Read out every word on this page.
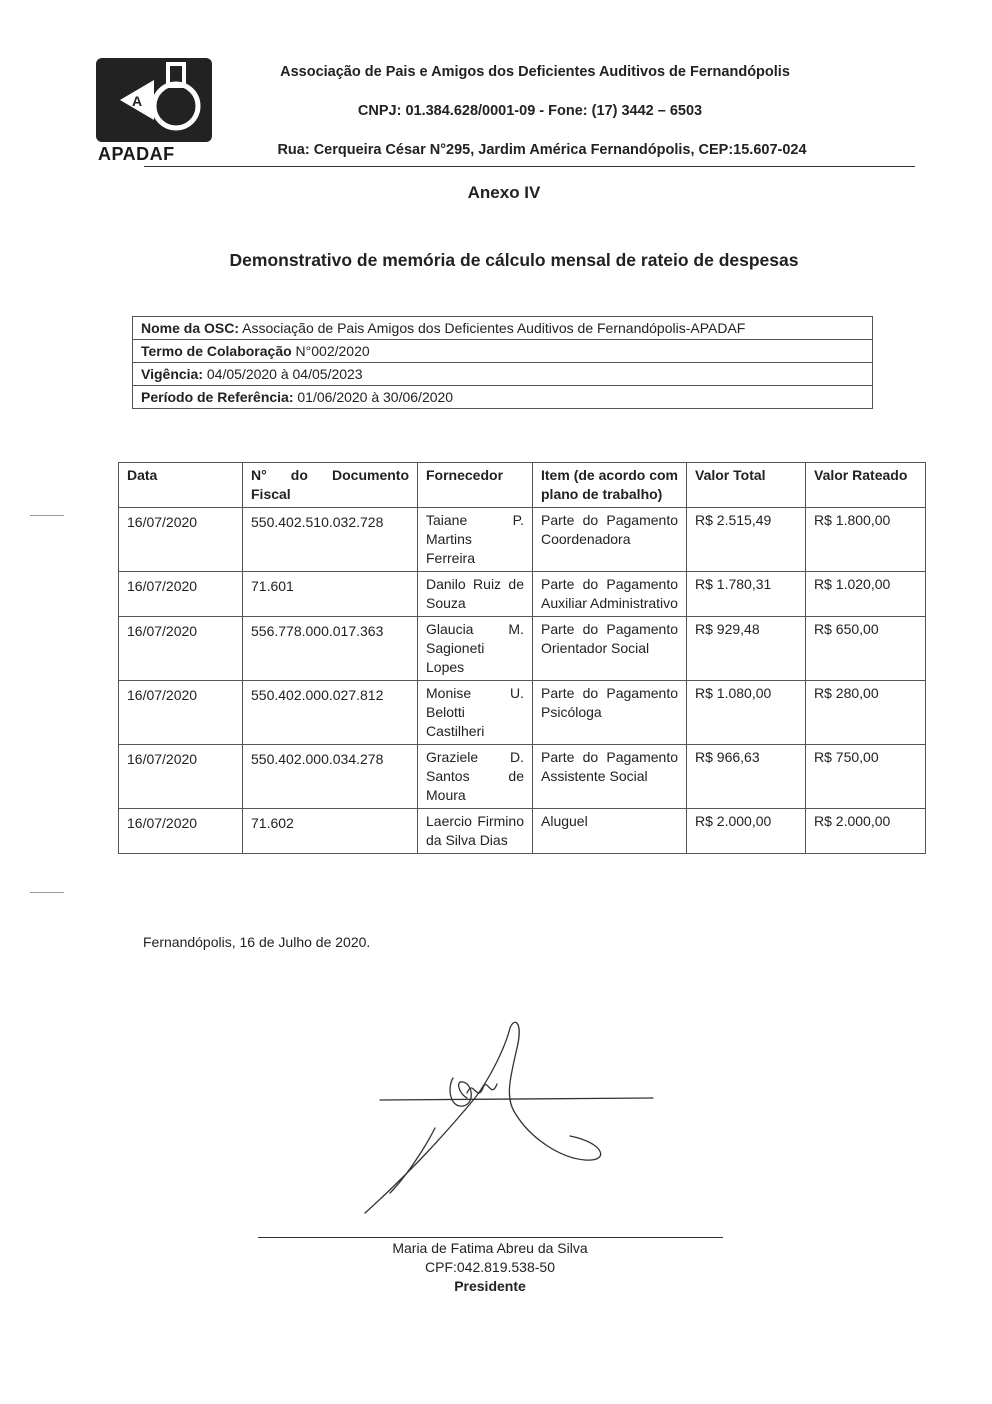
A
APADAF
Associação de Pais e Amigos dos Deficientes Auditivos de Fernandópolis
CNPJ: 01.384.628/0001-09 - Fone: (17) 3442 – 6503
Rua: Cerqueira César N°295, Jardim América Fernandópolis, CEP:15.607-024
Anexo IV
Demonstrativo de memória de cálculo mensal de rateio de despesas
Nome da OSC: Associação de Pais Amigos dos Deficientes Auditivos de Fernandópolis-APADAF
Termo de Colaboração N°002/2020
Vigência: 04/05/2020 à 04/05/2023
Período de Referência: 01/06/2020 à 30/06/2020
Data	N° do Documento Fiscal	Fornecedor	Item (de acordo com plano de trabalho)	Valor Total	Valor Rateado
16/07/2020	550.402.510.032.728	Taiane P. Martins Ferreira	Parte do Pagamento Coordenadora	R$ 2.515,49	R$ 1.800,00
16/07/2020	71.601	Danilo Ruiz de Souza	Parte do Pagamento Auxiliar Administrativo	R$ 1.780,31	R$ 1.020,00
16/07/2020	556.778.000.017.363	Glaucia M. Sagioneti Lopes	Parte do Pagamento Orientador Social	R$ 929,48	R$ 650,00
16/07/2020	550.402.000.027.812	Monise U. Belotti Castilheri	Parte do Pagamento Psicóloga	R$ 1.080,00	R$ 280,00
16/07/2020	550.402.000.034.278	Graziele D. Santos de Moura	Parte do Pagamento Assistente Social	R$ 966,63	R$ 750,00
16/07/2020	71.602	Laercio Firmino da Silva Dias	Aluguel	R$ 2.000,00	R$ 2.000,00
Fernandópolis, 16 de Julho de 2020.
Maria de Fatima Abreu da Silva
CPF:042.819.538-50
Presidente
